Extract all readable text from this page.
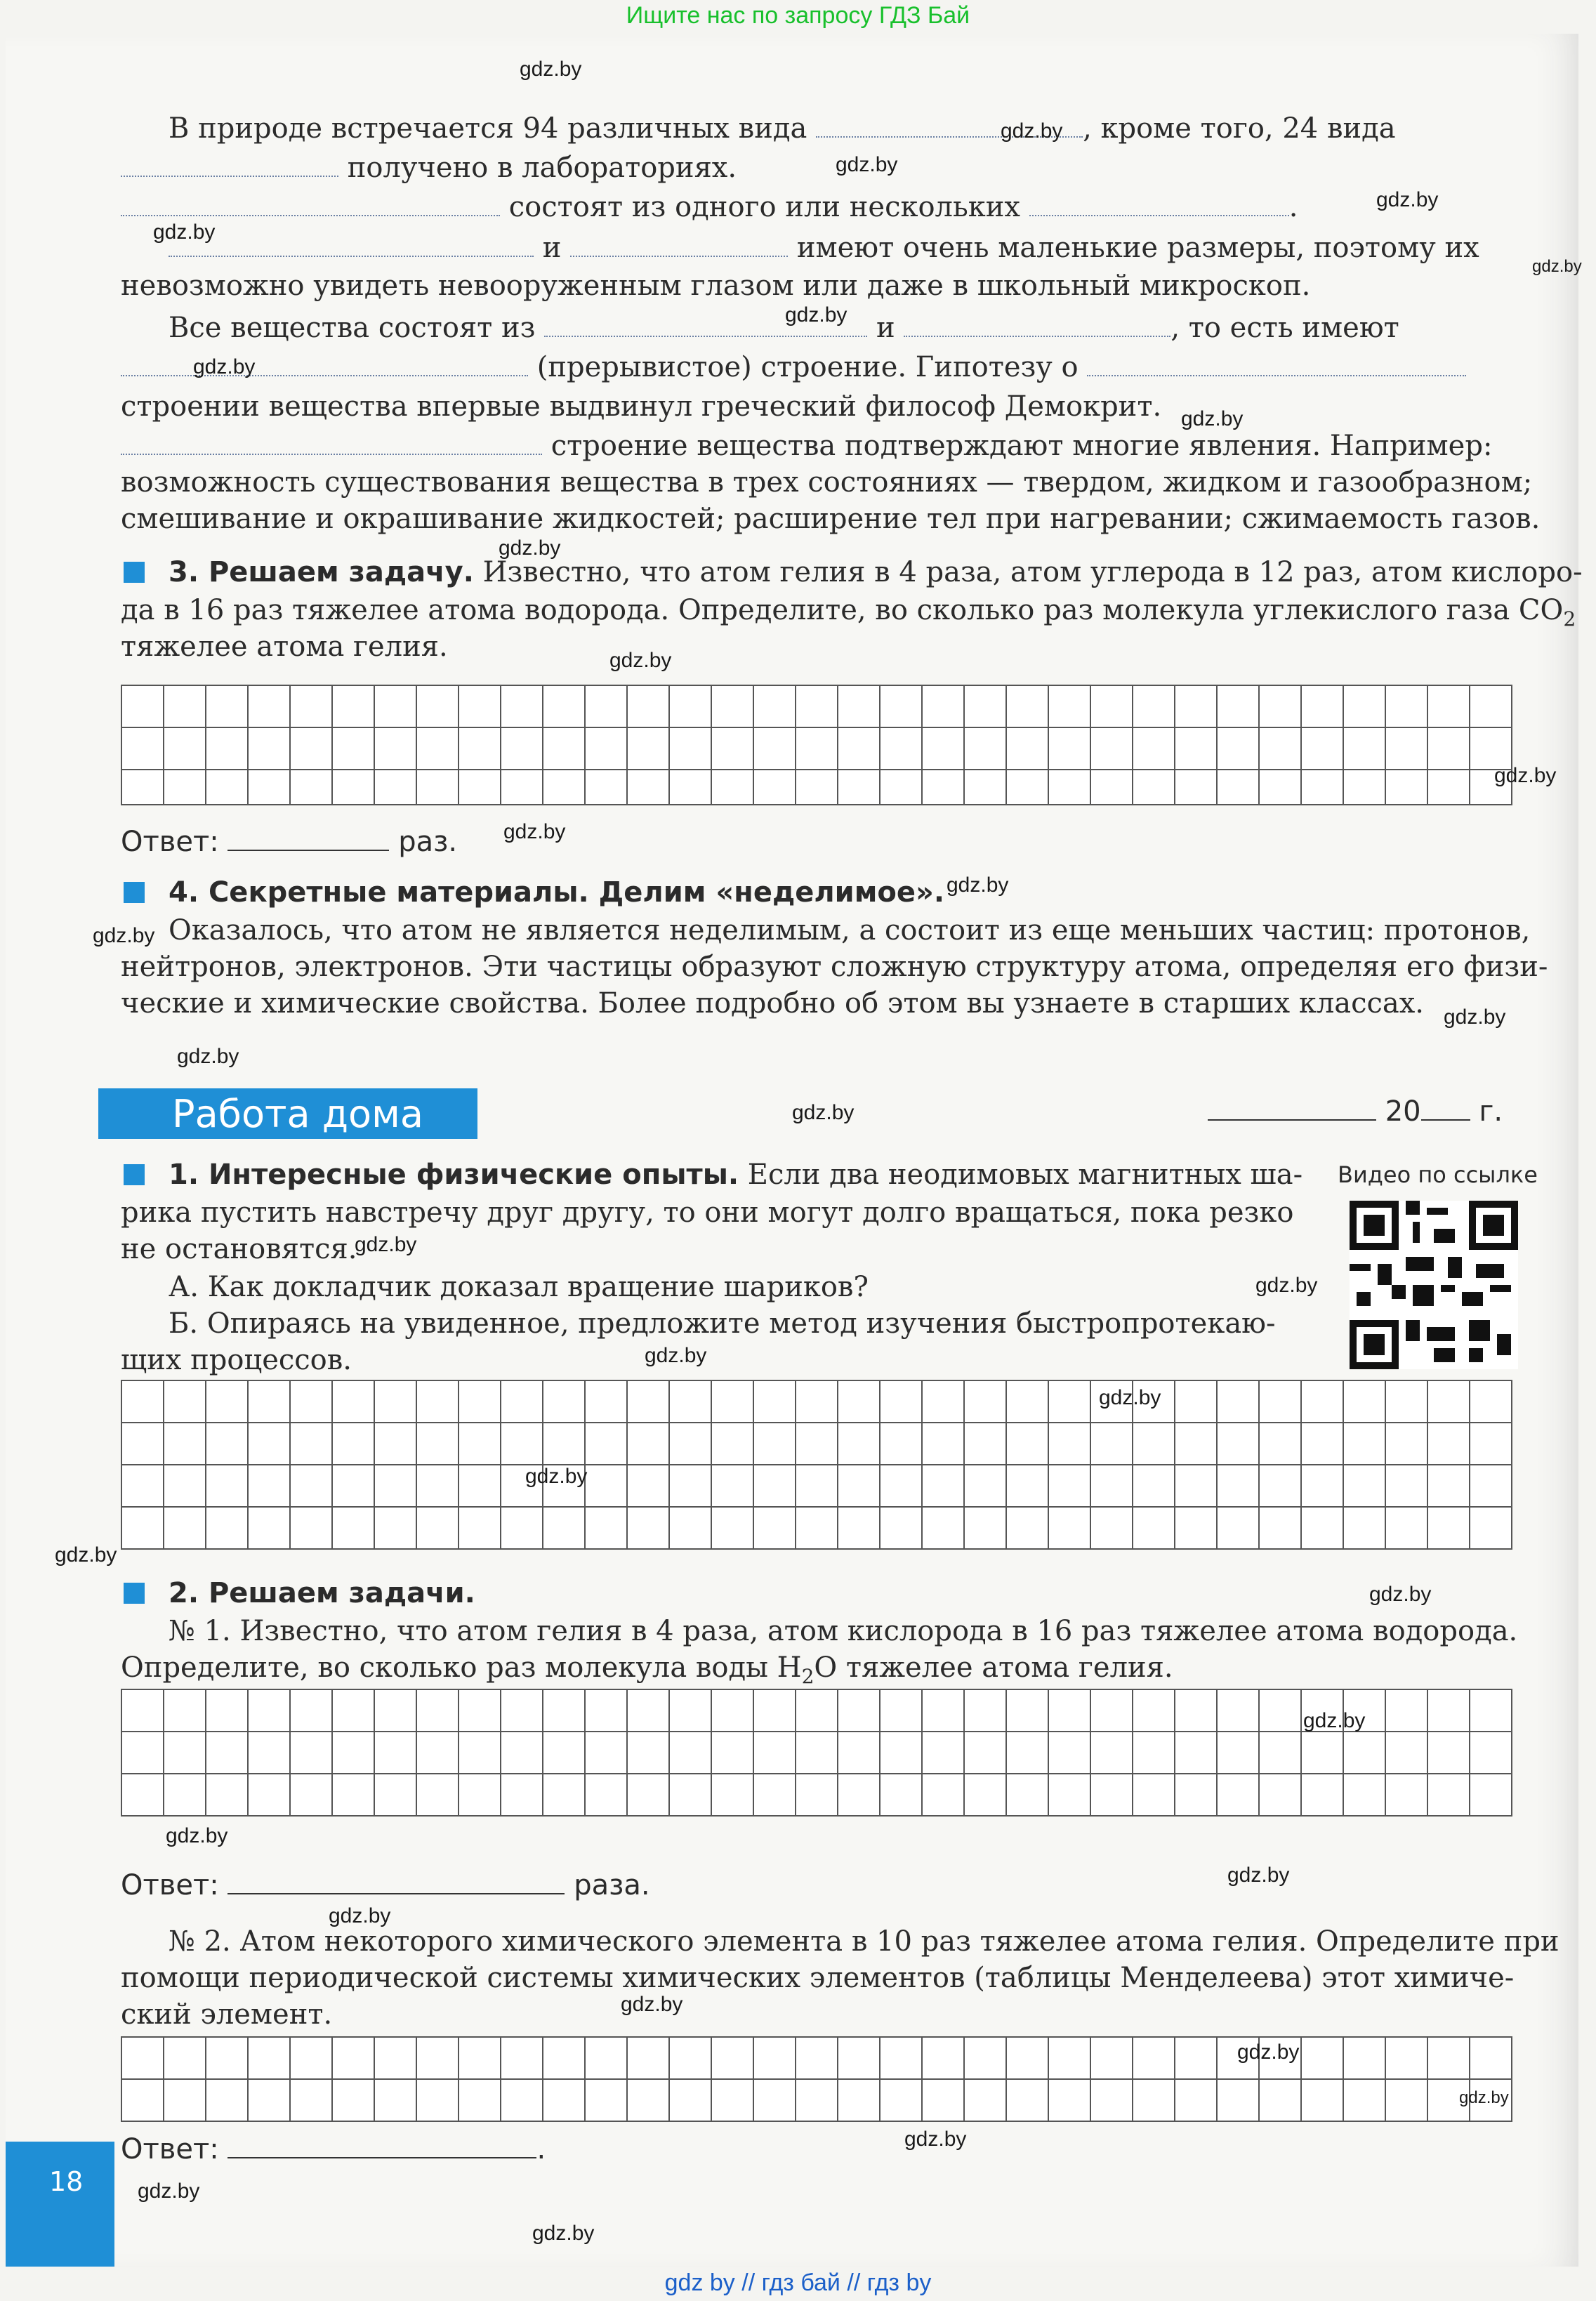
Ищите нас по запросу ГДЗ Бай
В природе встречается 94 различных вида	, кроме того, 24 вида
получено в лабораториях.
состоят из одного или нескольких	.
и	имеют очень маленькие размеры, поэтому их
невозможно увидеть невооруженным глазом или даже в школьный микроскоп.
Все вещества состоят из	и	, то есть имеют
(прерывистое) строение. Гипотезу о
строении вещества впервые выдвинул греческий философ Демокрит.
строение вещества подтверждают многие явления. Например:
возможность существования вещества в трех состояниях — твердом, жидком и газообразном;
смешивание и окрашивание жидкостей; расширение тел при нагревании; сжимаемость газов.
3. Решаем задачу. Известно, что атом гелия в 4 раза, атом углерода в 12 раз, атом кислоро-
да в 16 раз тяжелее атома водорода. Определите, во сколько раз молекула углекислого газа $CO_2$
тяжелее атома гелия.
Ответ:	раз.
4. Секретные материалы. Делим «неделимое».
Оказалось, что атом не является неделимым, а состоит из еще меньших частиц: протонов,
нейтронов, электронов. Эти частицы образуют сложную структуру атома, определяя его физи-
ческие и химические свойства. Более подробно об этом вы узнаете в старших классах.
Работа дома	20 г.
1. Интересные физические опыты. Если два неодимовых магнитных ша- Видео по ссылке
рика пустить навстречу друг другу, то они могут долго вращаться, пока резко
не остановятся.
А. Как докладчик доказал вращение шариков?
Б. Опираясь на увиденное, предложите метод изучения быстропротекаю-
щих процессов.
2. Решаем задачи.
№ 1. Известно, что атом гелия в 4 раза, атом кислорода в 16 раз тяжелее атома водорода.
Определите, во сколько раз молекула воды $H_2O$ тяжелее атома гелия.
Ответ:	раза.
№ 2. Атом некоторого химического элемента в 10 раз тяжелее атома гелия. Определите при
помощи периодической системы химических элементов (таблицы Менделеева) этот химиче-
ский элемент.
Ответ:	.
18
gdz.by
gdz.by
gdz.by
gdz.by
gdz.by
gdz.by
gdz.by
gdz.by
gdz.by
gdz.by
gdz.by
gdz.by
gdz.by
gdz.by
gdz.by
gdz.by
gdz.by
gdz.by
gdz.by
gdz.by
gdz.by
gdz.by
gdz.by
gdz.by
gdz.by
gdz.by
gdz.by
gdz.by
gdz.by
gdz.by
gdz.by
gdz.by
gdz.by
gdz.by
gdz.by
gdz by // гдз бай // гдз by
